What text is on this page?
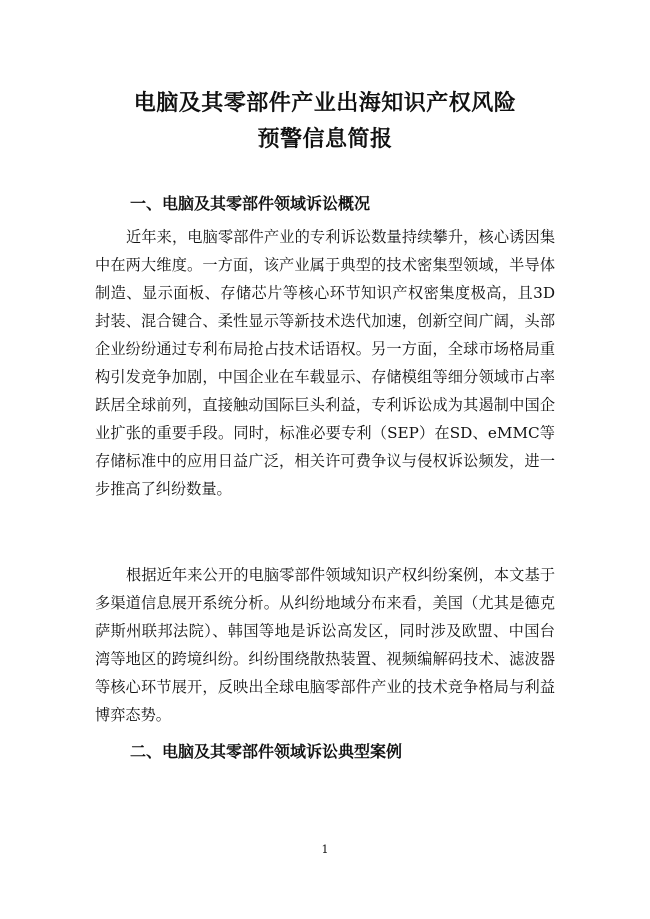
电脑及其零部件产业出海知识产权风险
预警信息简报
一、电脑及其零部件领域诉讼概况

近年来，电脑零部件产业的专利诉讼数量持续攀升，核心诱因集中在两大维度。一方面，该产业属于典型的技术密集型领域，半导体制造、显示面板、存储芯片等核心环节知识产权密集度极高，且3D封装、混合键合、柔性显示等新技术迭代加速，创新空间广阔，头部企业纷纷通过专利布局抢占技术话语权。另一方面，全球市场格局重构引发竞争加剧，中国企业在车载显示、存储模组等细分领域市占率跃居全球前列，直接触动国际巨头利益，专利诉讼成为其遏制中国企业扩张的重要手段。同时，标准必要专利（SEP）在SD、eMMC等存储标准中的应用日益广泛，相关许可费争议与侵权诉讼频发，进一步推高了纠纷数量。

根据近年来公开的电脑零部件领域知识产权纠纷案例，本文基于多渠道信息展开系统分析。从纠纷地域分布来看，美国（尤其是德克萨斯州联邦法院）、韩国等地是诉讼高发区，同时涉及欧盟、中国台湾等地区的跨境纠纷。纠纷围绕散热装置、视频编解码技术、滤波器等核心环节展开，反映出全球电脑零部件产业的技术竞争格局与利益博弈态势。

二、电脑及其零部件领域诉讼典型案例
1
